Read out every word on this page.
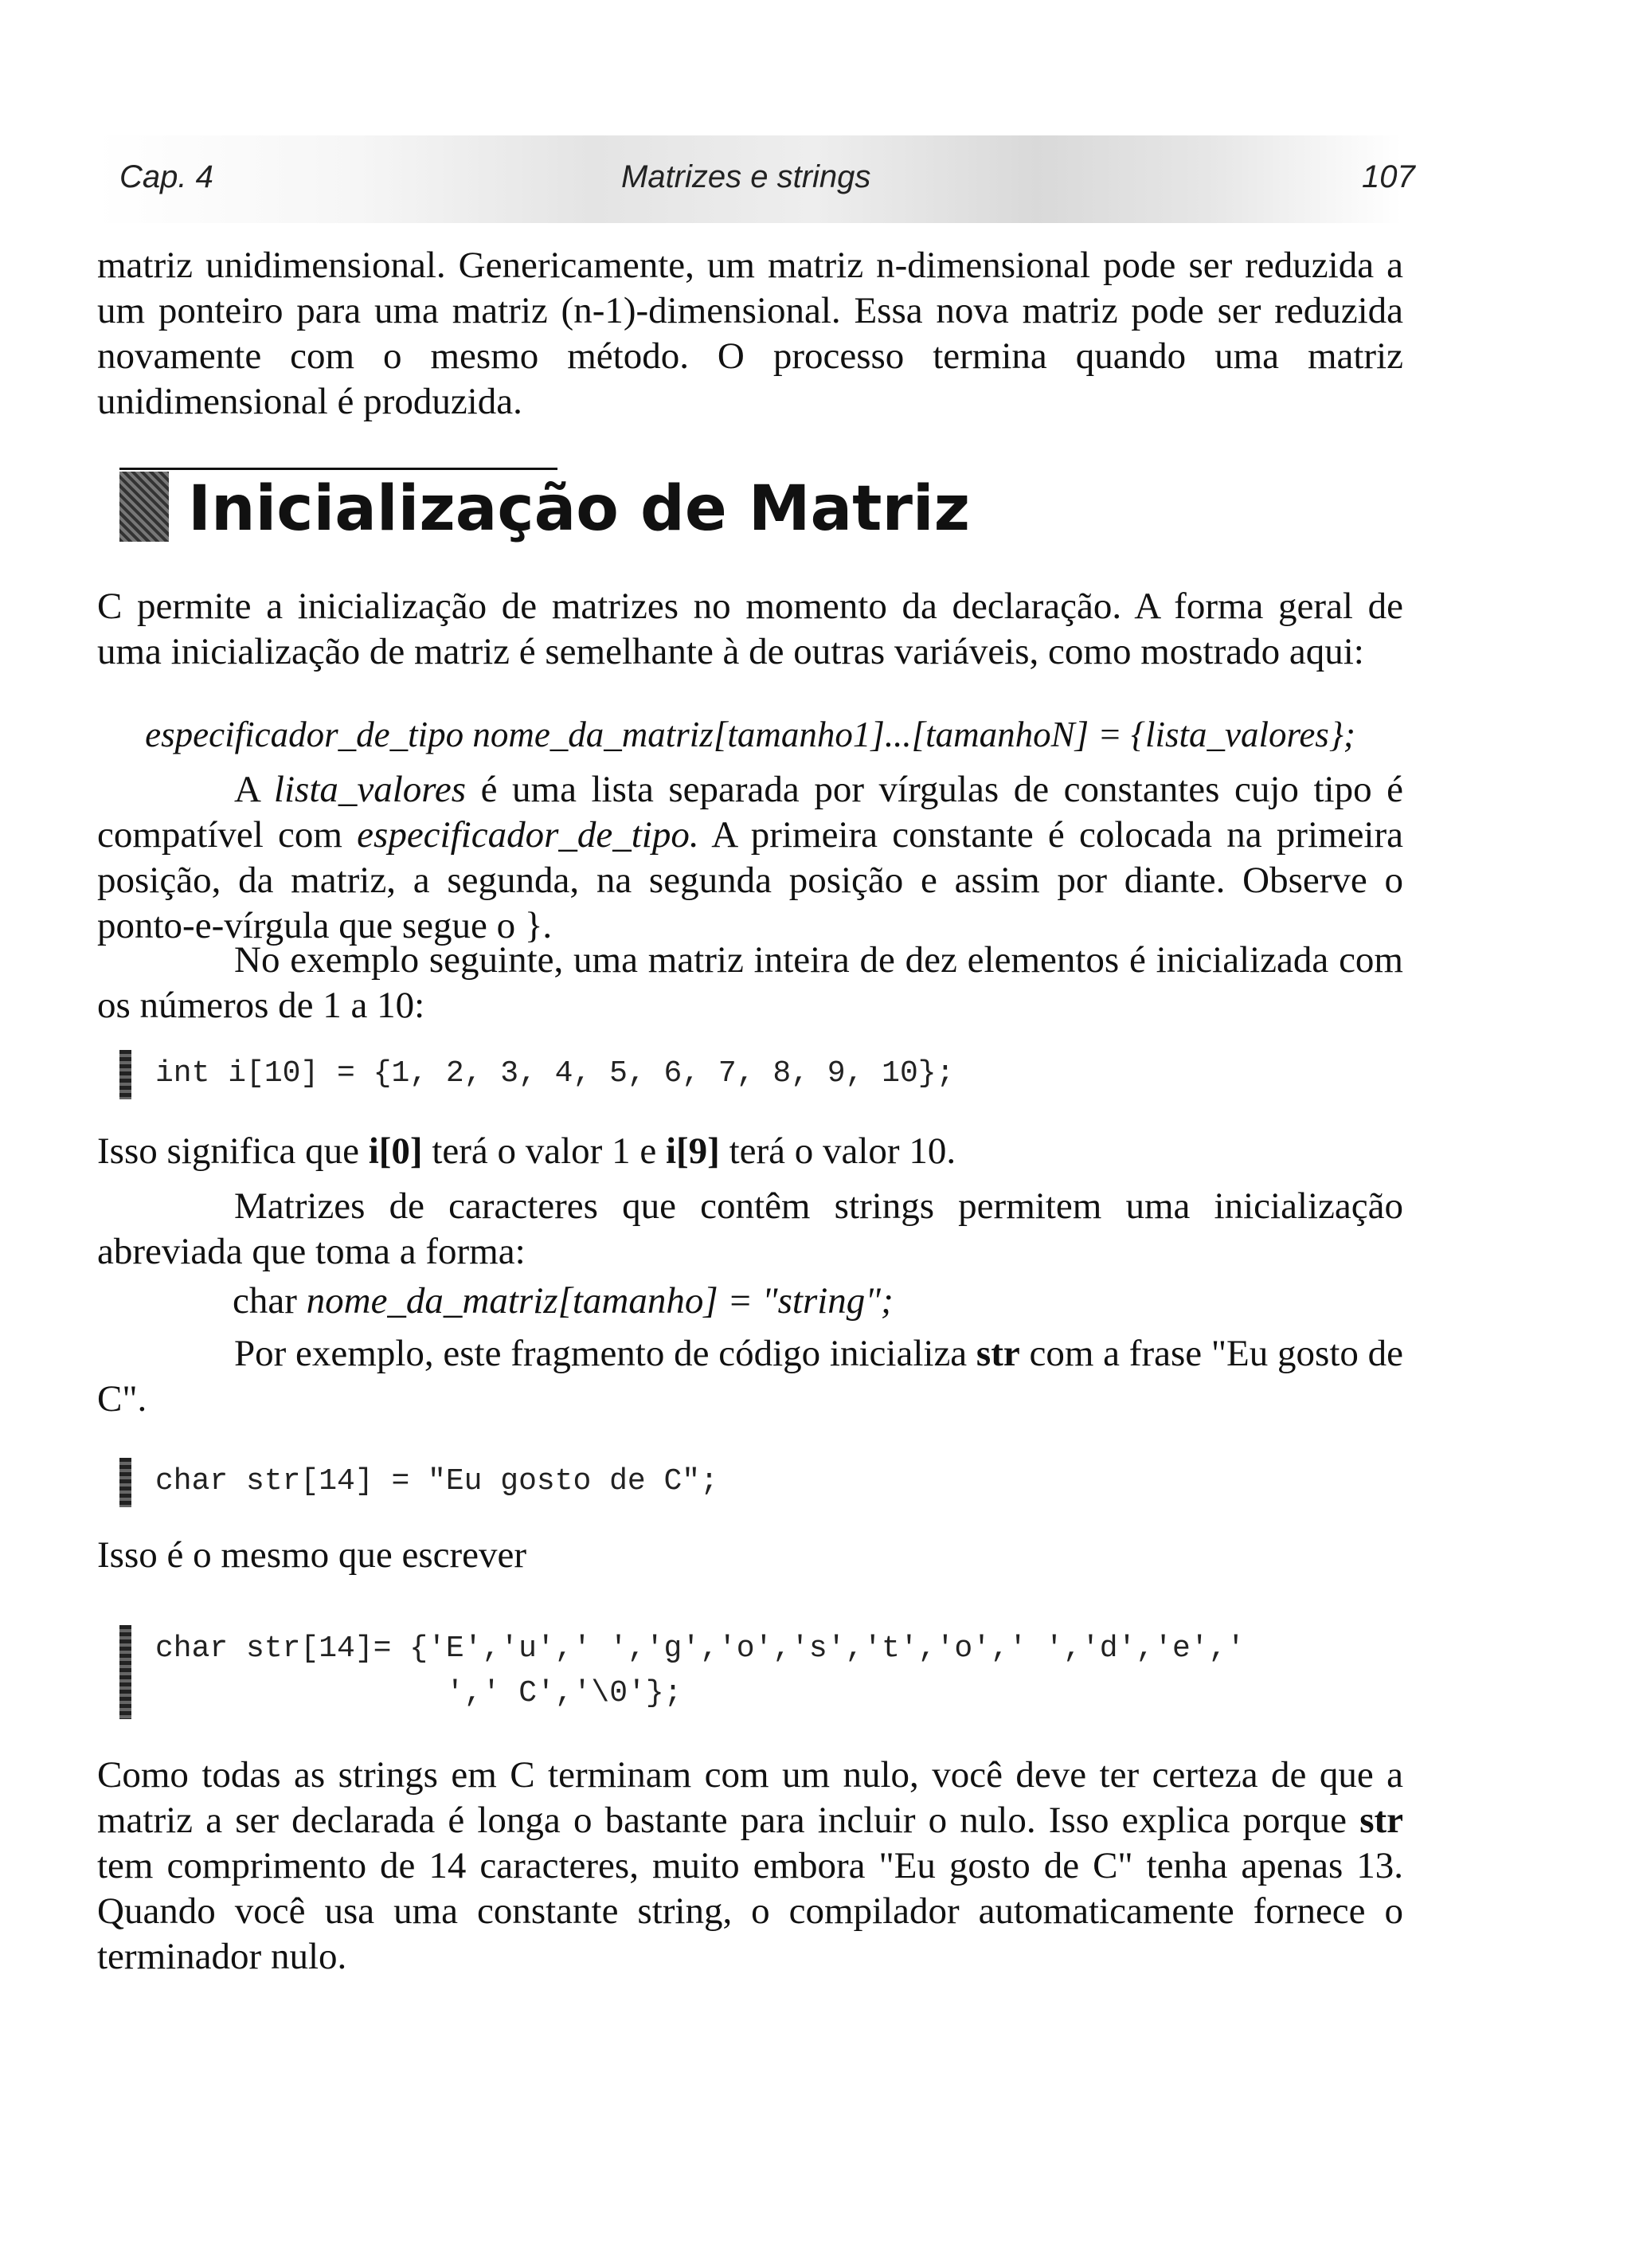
Cap. 4	Matrizes e strings	107

matriz unidimensional. Genericamente, um matriz n-dimensional pode ser reduzida a um ponteiro para uma matriz (n-1)-dimensional. Essa nova matriz pode ser reduzida novamente com o mesmo método. O processo termina quando uma matriz unidimensional é produzida.

Inicialização de Matriz

C permite a inicialização de matrizes no momento da declaração. A forma geral de uma inicialização de matriz é semelhante à de outras variáveis, como mostrado aqui:

especificador_de_tipo nome_da_matriz[tamanho1]...[tamanhoN] = {lista_valores};

A lista_valores é uma lista separada por vírgulas de constantes cujo tipo é compatível com especificador_de_tipo. A primeira constante é colocada na primeira posição, da matriz, a segunda, na segunda posição e assim por diante. Observe o ponto-e-vírgula que segue o }.

No exemplo seguinte, uma matriz inteira de dez elementos é inicializada com os números de 1 a 10:

int i[10] = {1, 2, 3, 4, 5, 6, 7, 8, 9, 10};

Isso significa que i[0] terá o valor 1 e i[9] terá o valor 10.

Matrizes de caracteres que contêm strings permitem uma inicialização abreviada que toma a forma:

char nome_da_matriz[tamanho] = "string";

Por exemplo, este fragmento de código inicializa str com a frase "Eu gosto de C".

char str[14] = "Eu gosto de C";

Isso é o mesmo que escrever

char str[14]= {'E','u',' ','g','o','s','t','o',' ','d','e','
',' C','\0'};

Como todas as strings em C terminam com um nulo, você deve ter certeza de que a matriz a ser declarada é longa o bastante para incluir o nulo. Isso explica porque str tem comprimento de 14 caracteres, muito embora "Eu gosto de C" tenha apenas 13. Quando você usa uma constante string, o compilador automaticamente fornece o terminador nulo.
